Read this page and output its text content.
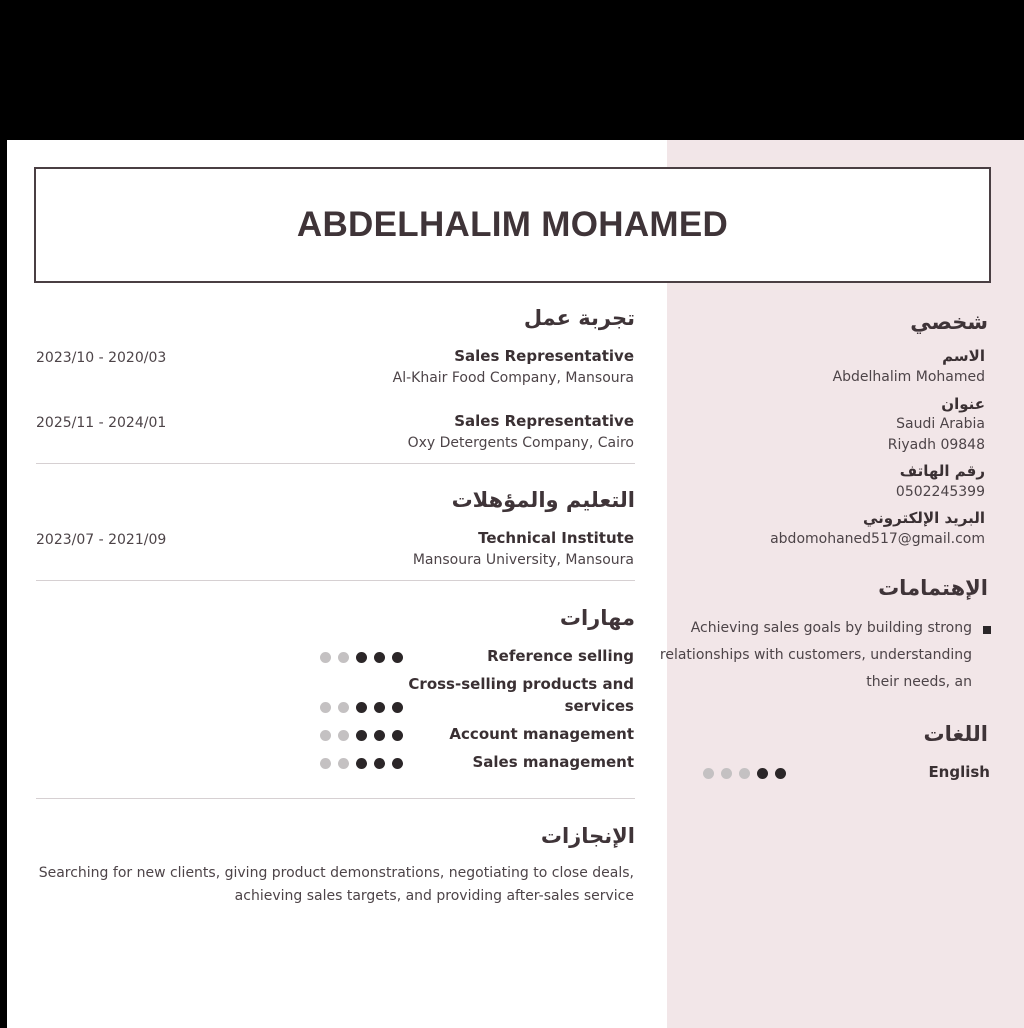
ABDELHALIM MOHAMED
تجربة عمل
Sales Representative
Al-Khair Food Company, Mansoura
2023/10 - 2020/03
Sales Representative
Oxy Detergents Company, Cairo
2025/11 - 2024/01
التعليم والمؤهلات
Technical Institute
Mansoura University, Mansoura
2023/07 - 2021/09
مهارات
Reference selling
Cross-selling products and
services
Account management
Sales management
الإنجازات
Searching for new clients, giving product demonstrations, negotiating to close deals,
achieving sales targets, and providing after-sales service
شخصي
الاسم
Abdelhalim Mohamed
عنوان
Saudi Arabia
Riyadh 09848
رقم الهاتف
0502245399
البريد الإلكتروني
abdomohaned517@gmail.com
الإهتمامات
Achieving sales goals by building strong
relationships with customers, understanding
their needs, an
اللغات
English
